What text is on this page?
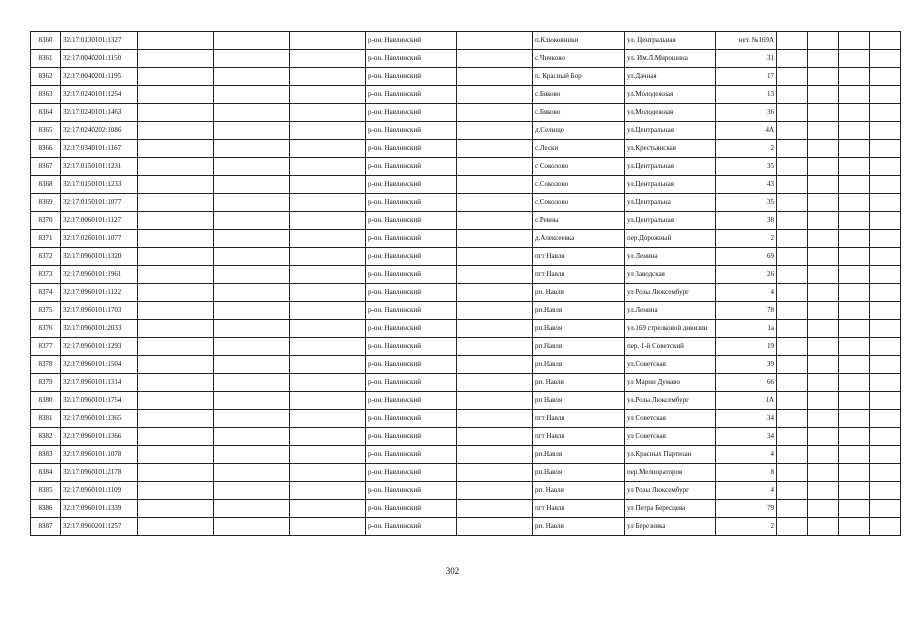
8360	32:17:0130101:1327				р-он. Навлинский		п.Клюковники	ул. Центральная	нет. №169А				
8361	32:17:0040201:1150				р-он. Навлинский		с.Чичково	ул. Им.Л.Мирошина	31				
8362	32:17:0040201:1195				р-он. Навлинский		п. Красный Бор	ул.Дачная	17				
8363	32:17:0240101:1254				р-он. Навлинский		с.Бяково	ул.Молодежная	13				
8364	32:17:0240101:1463				р-он. Навлинский		с.Бяково	ул.Молодежная	36				
8365	32:17:0240202:1086				р-он. Навлинский		д.Селище	ул.Центральная	4А				
8366	32:17:0340101:1167				р-он. Навлинский		с.Лески	ул.Крестьянская	2				
8367	32:17:0150101:1231				р-он. Навлинский		с Соколово	ул.Центральная	35				
8368	32:17:0150101:1233				р-он. Навлинский		с.Соколово	ул.Центральная	43				
8369	32:17:0150101:1077				р-он. Навлинский		с.Соколово	ул.Центральна	35				
8370	32:17:0060101:1127				р-он. Навлинский		с.Ревны	ул.Центральная	38				
8371	32:17:0260101:1077				р-он. Навлинский		д.Алексеевка	пер.Дорожный	2				
8372	32:17:0960101:1320				р-он. Навлинский		пгт Навля	ул Ленина	69				
8373	32:17:0960101:1961				р-он. Навлинский		пгт Навля	ул Заводская	26				
8374	32:17:0960101:1122				р-он. Навлинский		рп. Навля	ул Розы Люксембург	4				
8375	32:17:0960101:1703				р-он. Навлинский		рп.Навля	ул.Ленина	78				
8376	32:17:0960101:2033				р-он. Навлинский		рп.Навля	ул.169 стрелковой дивизии	1а				
8377	32:17:0960101:1293				р-он. Навлинский		рп.Навля	пер. 1-й Советский	19				
8378	32:17:0960101:1504				р-он. Навлинский		рп.Навля	ул.Советская	39				
8379	32:17:0960101:1314				р-он. Навлинский		рп. Навля	ул Марии Думаво	66				
8380	32:17:0960101:1754				р-он. Навлинский		рп Навля	ул.Розы Люксембург	1А				
8381	32:17:0960101:1365				р-он. Навлинский		пгт Навля	ул Советская	34				
8382	32:17:0960101:1366				р-он. Навлинский		пгт Навля	ул Советская	34				
8383	32:17:0960101:1078				р-он. Навлинский		рп.Навля	ул.Красных Партизан	4				
8384	32:17:0960101:2178				р-он. Навлинский		рп.Навля	пер.Мелиораторов	8				
8385	32:17:0960101:1109				р-он. Навлинский		рп. Навля	ул Розы Люксембург	4				
8386	32:17:0960101:1339				р-он. Навлинский		пгт Навля	ул Петра Бересцева	79				
8387	32:17:0960201:1257				р-он. Навлинский		рп. Навля	ул Березняка	2				
302
